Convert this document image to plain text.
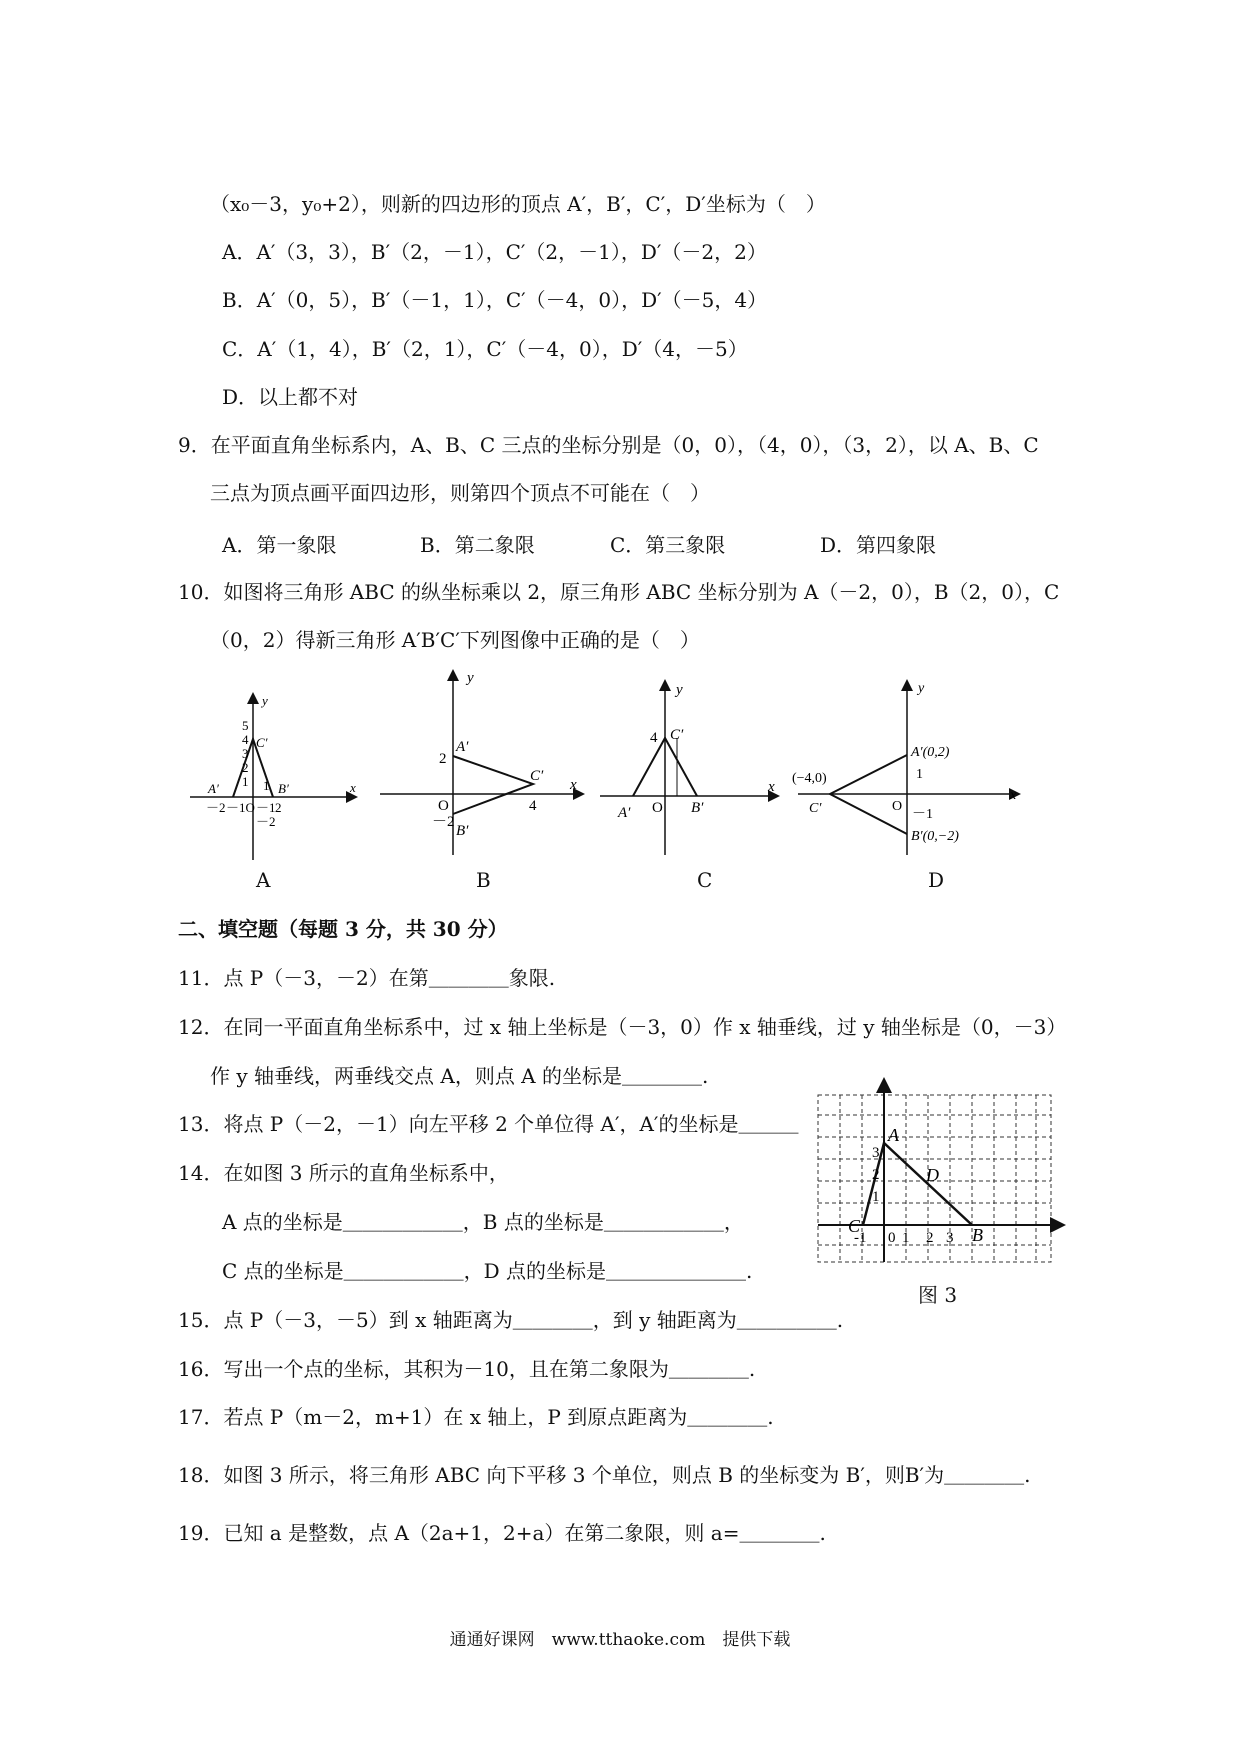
（x₀－3，y₀+2），则新的四边形的顶点 A′，B′，C′，D′坐标为（　）
A．A′（3，3），B′（2，－1），C′（2，－1），D′（－2，2）
B．A′（0，5），B′（－1，1），C′（－4，0），D′（－5，4）
C．A′（1，4），B′（2，1），C′（－4，0），D′（4，－5）
D．以上都不对
9．在平面直角坐标系内，A、B、C 三点的坐标分别是（0，0），（4，0），（3，2），以 A、B、C
三点为顶点画平面四边形，则第四个顶点不可能在（　）
A．第一象限	B．第二象限	C．第三象限	D．第四象限
10．如图将三角形 ABC 的纵坐标乘以 2，原三角形 ABC 坐标分别为 A（－2，0），B（2，0），C
（0，2）得新三角形 A′B′C′下列图像中正确的是（　）
y
x
5
4
3
2
1
C′
A′	B′
－2 －1O
1
2
－1
－2
y
x
2
A′
C′
O	4
－2
B′
y
x
4 C′
A′ O B′
y
x
A′(0,2)
1
(−4,0)
C′	O
－1
B′(0,−2)
A	B	C	D
二、填空题（每题 3 分，共 30 分）
11．点 P（－3，－2）在第＿＿＿＿象限.
12．在同一平面直角坐标系中，过 x 轴上坐标是（－3，0）作 x 轴垂线，过 y 轴坐标是（0，－3）
作 y 轴垂线，两垂线交点 A，则点 A 的坐标是＿＿＿＿.
13．将点 P（－2，－1）向左平移 2 个单位得 A′，A′的坐标是＿＿＿
14．在如图 3 所示的直角坐标系中，
A 点的坐标是＿＿＿＿＿＿，B 点的坐标是＿＿＿＿＿＿，
C 点的坐标是＿＿＿＿＿＿，D 点的坐标是＿＿＿＿＿＿＿.
A
D
C	B
3
2
1
-1 0 1 2 3
图 3
15．点 P（－3，－5）到 x 轴距离为＿＿＿＿，到 y 轴距离为＿＿＿＿＿.
16．写出一个点的坐标，其积为－10，且在第二象限为＿＿＿＿.
17．若点 P（m－2，m+1）在 x 轴上，P 到原点距离为＿＿＿＿.
18．如图 3 所示，将三角形 ABC 向下平移 3 个单位，则点 B 的坐标变为 B′，则B′为＿＿＿＿.
19．已知 a 是整数，点 A（2a+1，2+a）在第二象限，则 a=＿＿＿＿.
通通好课网　www.tthaoke.com　提供下载
